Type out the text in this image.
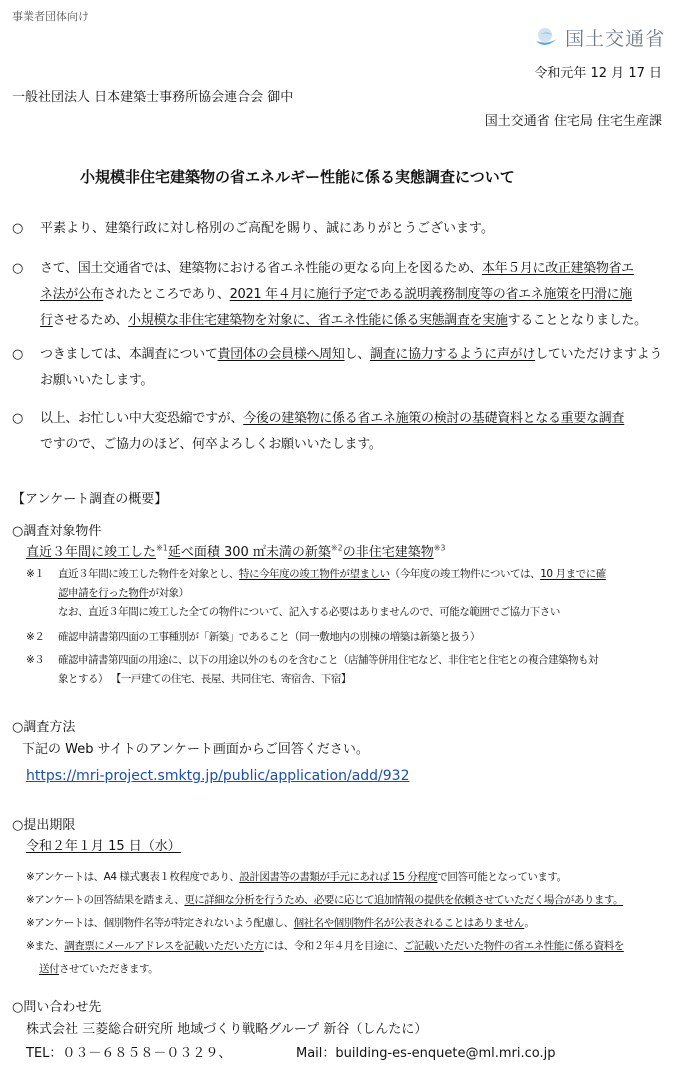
事業者団体向け
国土交通省
令和元年 12 月 17 日
一般社団法人 日本建築士事務所協会連合会 御中
国土交通省 住宅局 住宅生産課
小規模非住宅建築物の省エネルギー性能に係る実態調査について
○ 平素より、建築行政に対し格別のご高配を賜り、誠にありがとうございます。
○ さて、国土交通省では、建築物における省エネ性能の更なる向上を図るため、本年５月に改正建築物省エ
ネ法が公布されたところであり、2021 年４月に施行予定である説明義務制度等の省エネ施策を円滑に施
行させるため、小規模な非住宅建築物を対象に、省エネ性能に係る実態調査を実施することとなりました。
○ つきましては、本調査について貴団体の会員様へ周知し、調査に協力するように声がけしていただけますよう
お願いいたします。
○ 以上、お忙しい中大変恐縮ですが、今後の建築物に係る省エネ施策の検討の基礎資料となる重要な調査
ですので、ご協力のほど、何卒よろしくお願いいたします。
【アンケート調査の概要】
○調査対象物件
直近３年間に竣工した$^{※1}$延べ面積 300 ㎡未満の新築$^{※2}$の非住宅建築物$^{※3}$
※１ 直近３年間に竣工した物件を対象とし、特に今年度の竣工物件が望ましい（今年度の竣工物件については、10 月までに確
認申請を行った物件が対象）
なお、直近３年間に竣工した全ての物件について、記入する必要はありませんので、可能な範囲でご協力下さい
※２ 確認申請書第四面の工事種別が「新築」であること（同一敷地内の別棟の増築は新築と扱う）
※３ 確認申請書第四面の用途に、以下の用途以外のものを含むこと（店舗等併用住宅など、非住宅と住宅との複合建築物も対
象とする） 【一戸建ての住宅、長屋、共同住宅、寄宿舎、下宿】
○調査方法
下記の Web サイトのアンケート画面からご回答ください。
https://mri-project.smktg.jp/public/application/add/932
○提出期限
令和２年１月 15 日（水）
※アンケートは、A4 様式裏表１枚程度であり、設計図書等の書類が手元にあれば 15 分程度で回答可能となっています。
※アンケートの回答結果を踏まえ、更に詳細な分析を行うため、必要に応じて追加情報の提供を依頼させていただく場合があります。
※アンケートは、個別物件名等が特定されないよう配慮し、個社名や個別物件名が公表されることはありません。
※また、調査票にメールアドレスを記載いただいた方には、令和２年４月を目途に、ご記載いただいた物件の省エネ性能に係る資料を
送付させていただきます。
○問い合わせ先
株式会社 三菱総合研究所 地域づくり戦略グループ 新谷（しんたに）
TEL：０３－６８５８－０３２９、	Mail：building-es-enquete@ml.mri.co.jp
